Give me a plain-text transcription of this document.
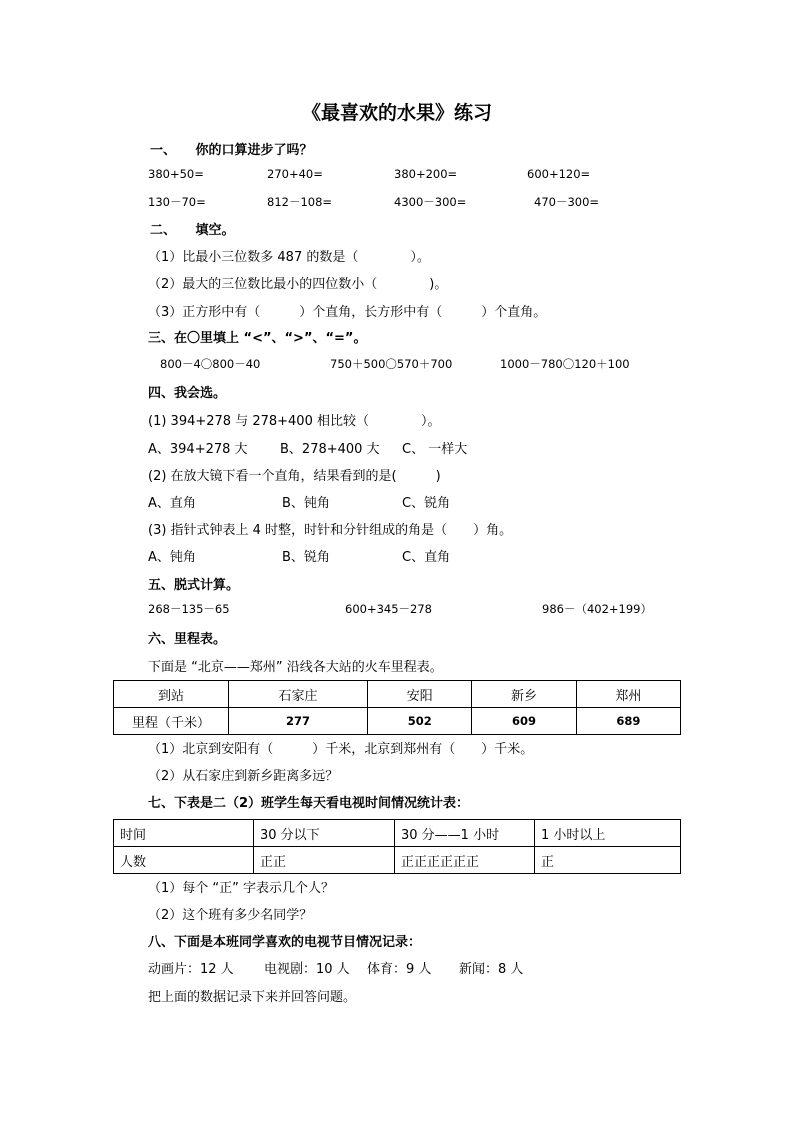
《最喜欢的水果》练习
一、　　你的口算进步了吗？
380+50=	270+40=	380+200=	600+120=
130－70=	812－108=	4300－300=	470－300=
二、　　填空。
（1）比最小三位数多 487 的数是（　　　　）。
（2）最大的三位数比最小的四位数小（　　　　)。
（3）正方形中有（　　　）个直角，长方形中有（　　　）个直角。
三、在〇里填上 “<”、“>”、“=”。
800－4〇800－40	750＋500〇570＋700	1000－780〇120＋100
四、我会选。
(1) 394+278 与 278+400 相比较（　　　　）。
A、394+278 大 B、278+400 大 C、 一样大
(2) 在放大镜下看一个直角，结果看到的是(　　　)
A、直角	B、钝角	C、锐角
(3) 指针式钟表上 4 时整，时针和分针组成的角是（　　）角。
A、钝角	B、锐角	C、直角
五、脱式计算。
268－135－65	600+345－278	986－（402+199）
六、里程表。
下面是 “北京——郑州” 沿线各大站的火车里程表。
到站	石家庄	安阳	新乡	郑州
里程（千米）	277	502	609	689
（1）北京到安阳有（　　　）千米，北京到郑州有（　　）千米。
（2）从石家庄到新乡距离多远？
七、下表是二（2）班学生每天看电视时间情况统计表：
时间	30 分以下	30 分——1 小时	1 小时以上
人数	正正	正正正正正正	正
（1）每个 “正” 字表示几个人？
（2）这个班有多少名同学？
八、下面是本班同学喜欢的电视节目情况记录：
动画片：12 人 电视剧：10 人 体育：9 人 新闻：8 人
把上面的数据记录下来并回答问题。
